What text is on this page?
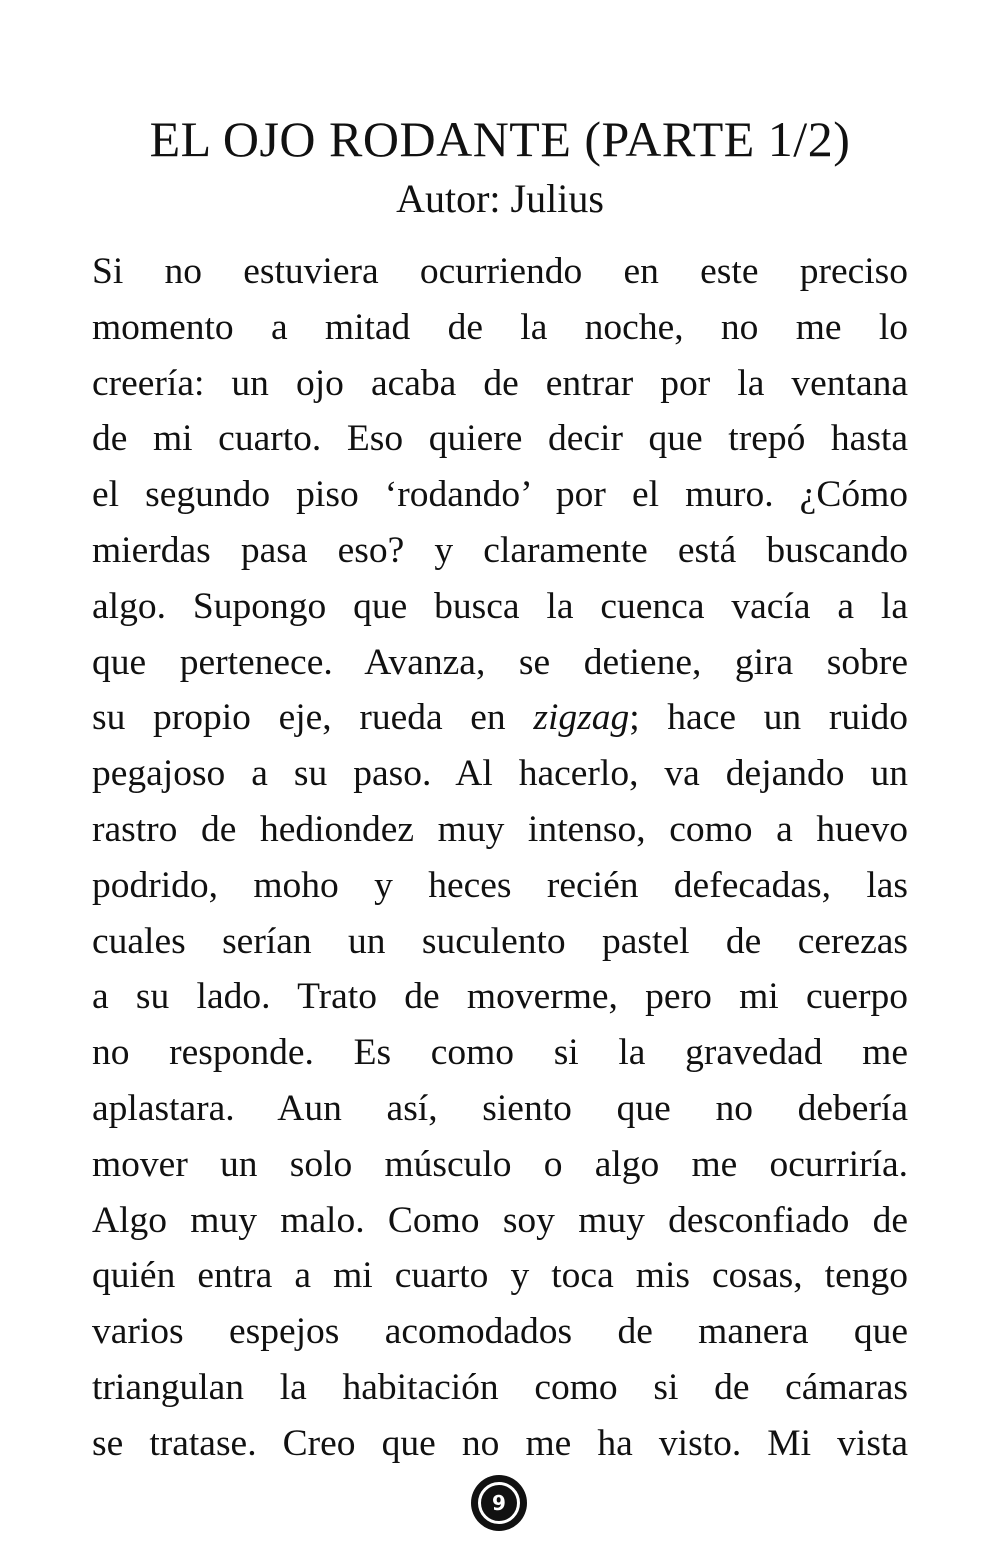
EL OJO RODANTE (PARTE 1/2)
Autor: Julius
Si no estuviera ocurriendo en este preciso
momento a mitad de la noche, no me lo
creería: un ojo acaba de entrar por la ventana
de mi cuarto. Eso quiere decir que trepó hasta
el segundo piso ‘rodando’ por el muro. ¿Cómo
mierdas pasa eso? y claramente está buscando
algo. Supongo que busca la cuenca vacía a la
que pertenece. Avanza, se detiene, gira sobre
su propio eje, rueda en zigzag; hace un ruido
pegajoso a su paso. Al hacerlo, va dejando un
rastro de hediondez muy intenso, como a huevo
podrido, moho y heces recién defecadas, las
cuales serían un suculento pastel de cerezas
a su lado. Trato de moverme, pero mi cuerpo
no responde. Es como si la gravedad me
aplastara. Aun así, siento que no debería
mover un solo músculo o algo me ocurriría.
Algo muy malo. Como soy muy desconfiado de
quién entra a mi cuarto y toca mis cosas, tengo
varios espejos acomodados de manera que
triangulan la habitación como si de cámaras
se tratase. Creo que no me ha visto. Mi vista
9
